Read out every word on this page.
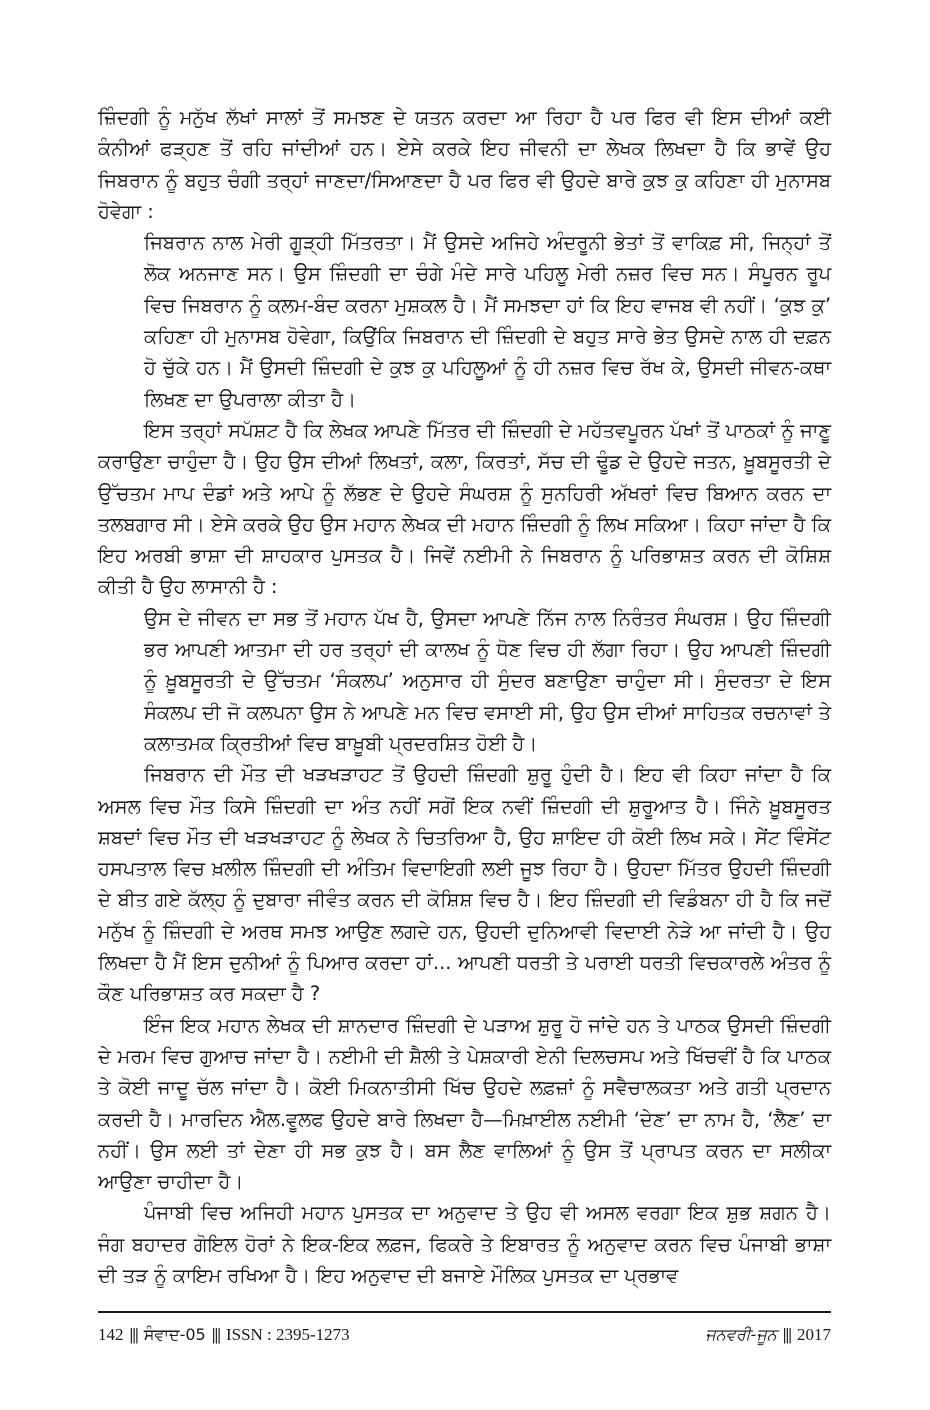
ਜ਼ਿੰਦਗੀ ਨੂੰ ਮਨੁੱਖ ਲੱਖਾਂ ਸਾਲਾਂ ਤੋਂ ਸਮਝਣ ਦੇ ਯਤਨ ਕਰਦਾ ਆ ਰਿਹਾ ਹੈ ਪਰ ਫਿਰ ਵੀ ਇਸ ਦੀਆਂ ਕਈ ਕੰਨੀਆਂ ਫੜ੍ਹਣ ਤੋਂ ਰਹਿ ਜਾਂਦੀਆਂ ਹਨ। ਏਸੇ ਕਰਕੇ ਇਹ ਜੀਵਨੀ ਦਾ ਲੇਖਕ ਲਿਖਦਾ ਹੈ ਕਿ ਭਾਵੇਂ ਉਹ ਜਿਬਰਾਨ ਨੂੰ ਬਹੁਤ ਚੰਗੀ ਤਰ੍ਹਾਂ ਜਾਣਦਾ/ਸਿਆਣਦਾ ਹੈ ਪਰ ਫਿਰ ਵੀ ਉਹਦੇ ਬਾਰੇ ਕੁਝ ਕੁ ਕਹਿਣਾ ਹੀ ਮੁਨਾਸਬ ਹੋਵੇਗਾ :

ਜਿਬਰਾਨ ਨਾਲ ਮੇਰੀ ਗੂੜ੍ਹੀ ਮਿੱਤਰਤਾ। ਮੈਂ ਉਸਦੇ ਅਜਿਹੇ ਅੰਦਰੂਨੀ ਭੇਤਾਂ ਤੋਂ ਵਾਕਿਫ਼ ਸੀ, ਜਿਨ੍ਹਾਂ ਤੋਂ ਲੋਕ ਅਨਜਾਣ ਸਨ। ਉਸ ਜ਼ਿੰਦਗੀ ਦਾ ਚੰਗੇ ਮੰਦੇ ਸਾਰੇ ਪਹਿਲੂ ਮੇਰੀ ਨਜ਼ਰ ਵਿਚ ਸਨ। ਸੰਪੂਰਨ ਰੂਪ ਵਿਚ ਜਿਬਰਾਨ ਨੂੰ ਕਲਮ-ਬੰਦ ਕਰਨਾ ਮੁਸ਼ਕਲ ਹੈ। ਮੈਂ ਸਮਝਦਾ ਹਾਂ ਕਿ ਇਹ ਵਾਜਬ ਵੀ ਨਹੀਂ। ‘ਕੁਝ ਕੁ’ ਕਹਿਣਾ ਹੀ ਮੁਨਾਸਬ ਹੋਵੇਗਾ, ਕਿਉਂਕਿ ਜਿਬਰਾਨ ਦੀ ਜ਼ਿੰਦਗੀ ਦੇ ਬਹੁਤ ਸਾਰੇ ਭੇਤ ਉਸਦੇ ਨਾਲ ਹੀ ਦਫ਼ਨ ਹੋ ਚੁੱਕੇ ਹਨ। ਮੈਂ ਉਸਦੀ ਜ਼ਿੰਦਗੀ ਦੇ ਕੁਝ ਕੁ ਪਹਿਲੂਆਂ ਨੂੰ ਹੀ ਨਜ਼ਰ ਵਿਚ ਰੱਖ ਕੇ, ਉਸਦੀ ਜੀਵਨ-ਕਥਾ ਲਿਖਣ ਦਾ ਉਪਰਾਲਾ ਕੀਤਾ ਹੈ।

ਇਸ ਤਰ੍ਹਾਂ ਸਪੱਸ਼ਟ ਹੈ ਕਿ ਲੇਖਕ ਆਪਣੇ ਮਿੱਤਰ ਦੀ ਜ਼ਿੰਦਗੀ ਦੇ ਮਹੱਤਵਪੂਰਨ ਪੱਖਾਂ ਤੋਂ ਪਾਠਕਾਂ ਨੂੰ ਜਾਣੂ ਕਰਾਉਣਾ ਚਾਹੁੰਦਾ ਹੈ। ਉਹ ਉਸ ਦੀਆਂ ਲਿਖਤਾਂ, ਕਲਾ, ਕਿਰਤਾਂ, ਸੱਚ ਦੀ ਢੂੰਡ ਦੇ ਉਹਦੇ ਜਤਨ, ਖ਼ੂਬਸੂਰਤੀ ਦੇ ਉੱਚਤਮ ਮਾਪ ਦੰਡਾਂ ਅਤੇ ਆਪੇ ਨੂੰ ਲੱਭਣ ਦੇ ਉਹਦੇ ਸੰਘਰਸ਼ ਨੂੰ ਸੁਨਹਿਰੀ ਅੱਖਰਾਂ ਵਿਚ ਬਿਆਨ ਕਰਨ ਦਾ ਤਲਬਗਾਰ ਸੀ। ਏਸੇ ਕਰਕੇ ਉਹ ਉਸ ਮਹਾਨ ਲੇਖਕ ਦੀ ਮਹਾਨ ਜ਼ਿੰਦਗੀ ਨੂੰ ਲਿਖ ਸਕਿਆ। ਕਿਹਾ ਜਾਂਦਾ ਹੈ ਕਿ ਇਹ ਅਰਬੀ ਭਾਸ਼ਾ ਦੀ ਸ਼ਾਹਕਾਰ ਪੁਸਤਕ ਹੈ। ਜਿਵੇਂ ਨਈਮੀ ਨੇ ਜਿਬਰਾਨ ਨੂੰ ਪਰਿਭਾਸ਼ਤ ਕਰਨ ਦੀ ਕੋਸ਼ਿਸ਼ ਕੀਤੀ ਹੈ ਉਹ ਲਾਸਾਨੀ ਹੈ :

ਉਸ ਦੇ ਜੀਵਨ ਦਾ ਸਭ ਤੋਂ ਮਹਾਨ ਪੱਖ ਹੈ, ਉਸਦਾ ਆਪਣੇ ਨਿੱਜ ਨਾਲ ਨਿਰੰਤਰ ਸੰਘਰਸ਼। ਉਹ ਜ਼ਿੰਦਗੀ ਭਰ ਆਪਣੀ ਆਤਮਾ ਦੀ ਹਰ ਤਰ੍ਹਾਂ ਦੀ ਕਾਲਖ ਨੂੰ ਧੋਣ ਵਿਚ ਹੀ ਲੱਗਾ ਰਿਹਾ। ਉਹ ਆਪਣੀ ਜ਼ਿੰਦਗੀ ਨੂੰ ਖ਼ੂਬਸੂਰਤੀ ਦੇ ਉੱਚਤਮ ‘ਸੰਕਲਪ’ ਅਨੁਸਾਰ ਹੀ ਸੁੰਦਰ ਬਣਾਉਣਾ ਚਾਹੁੰਦਾ ਸੀ। ਸੁੰਦਰਤਾ ਦੇ ਇਸ ਸੰਕਲਪ ਦੀ ਜੋ ਕਲਪਨਾ ਉਸ ਨੇ ਆਪਣੇ ਮਨ ਵਿਚ ਵਸਾਈ ਸੀ, ਉਹ ਉਸ ਦੀਆਂ ਸਾਹਿਤਕ ਰਚਨਾਵਾਂ ਤੇ ਕਲਾਤਮਕ ਕ੍ਰਿਤੀਆਂ ਵਿਚ ਬਾਖ਼ੂਬੀ ਪ੍ਰਦਰਸ਼ਿਤ ਹੋਈ ਹੈ।

ਜਿਬਰਾਨ ਦੀ ਮੌਤ ਦੀ ਖੜਖੜਾਹਟ ਤੋਂ ਉਹਦੀ ਜ਼ਿੰਦਗੀ ਸ਼ੁਰੂ ਹੁੰਦੀ ਹੈ। ਇਹ ਵੀ ਕਿਹਾ ਜਾਂਦਾ ਹੈ ਕਿ ਅਸਲ ਵਿਚ ਮੌਤ ਕਿਸੇ ਜ਼ਿੰਦਗੀ ਦਾ ਅੰਤ ਨਹੀਂ ਸਗੋਂ ਇਕ ਨਵੀਂ ਜ਼ਿੰਦਗੀ ਦੀ ਸ਼ੁਰੂਆਤ ਹੈ। ਜਿੰਨੇ ਖ਼ੂਬਸੂਰਤ ਸ਼ਬਦਾਂ ਵਿਚ ਮੌਤ ਦੀ ਖੜਖੜਾਹਟ ਨੂੰ ਲੇਖਕ ਨੇ ਚਿਤਰਿਆ ਹੈ, ਉਹ ਸ਼ਾਇਦ ਹੀ ਕੋਈ ਲਿਖ ਸਕੇ। ਸੇਂਟ ਵਿੰਸੇਂਟ ਹਸਪਤਾਲ ਵਿਚ ਖ਼ਲੀਲ ਜ਼ਿੰਦਗੀ ਦੀ ਅੰਤਿਮ ਵਿਦਾਇਗੀ ਲਈ ਜੂਝ ਰਿਹਾ ਹੈ। ਉਹਦਾ ਮਿੱਤਰ ਉਹਦੀ ਜ਼ਿੰਦਗੀ ਦੇ ਬੀਤ ਗਏ ਕੱਲ੍ਹ ਨੂੰ ਦੁਬਾਰਾ ਜੀਵੰਤ ਕਰਨ ਦੀ ਕੋਸ਼ਿਸ਼ ਵਿਚ ਹੈ। ਇਹ ਜ਼ਿੰਦਗੀ ਦੀ ਵਿਡੰਬਨਾ ਹੀ ਹੈ ਕਿ ਜਦੋਂ ਮਨੁੱਖ ਨੂੰ ਜ਼ਿੰਦਗੀ ਦੇ ਅਰਥ ਸਮਝ ਆਉਣ ਲਗਦੇ ਹਨ, ਉਹਦੀ ਦੁਨਿਆਵੀ ਵਿਦਾਈ ਨੇੜੇ ਆ ਜਾਂਦੀ ਹੈ। ਉਹ ਲਿਖਦਾ ਹੈ ਮੈਂ ਇਸ ਦੁਨੀਆਂ ਨੂੰ ਪਿਆਰ ਕਰਦਾ ਹਾਂ... ਆਪਣੀ ਧਰਤੀ ਤੇ ਪਰਾਈ ਧਰਤੀ ਵਿਚਕਾਰਲੇ ਅੰਤਰ ਨੂੰ ਕੌਣ ਪਰਿਭਾਸ਼ਤ ਕਰ ਸਕਦਾ ਹੈ ?

ਇੰਜ ਇਕ ਮਹਾਨ ਲੇਖਕ ਦੀ ਸ਼ਾਨਦਾਰ ਜ਼ਿੰਦਗੀ ਦੇ ਪੜਾਅ ਸ਼ੁਰੂ ਹੋ ਜਾਂਦੇ ਹਨ ਤੇ ਪਾਠਕ ਉਸਦੀ ਜ਼ਿੰਦਗੀ ਦੇ ਮਰਮ ਵਿਚ ਗੁਆਚ ਜਾਂਦਾ ਹੈ। ਨਈਮੀ ਦੀ ਸ਼ੈਲੀ ਤੇ ਪੇਸ਼ਕਾਰੀ ਏਨੀ ਦਿਲਚਸਪ ਅਤੇ ਖਿੱਚਵੀਂ ਹੈ ਕਿ ਪਾਠਕ ਤੇ ਕੋਈ ਜਾਦੂ ਚੱਲ ਜਾਂਦਾ ਹੈ। ਕੋਈ ਮਿਕਨਾਤੀਸੀ ਖਿੱਚ ਉਹਦੇ ਲਫ਼ਜ਼ਾਂ ਨੂੰ ਸਵੈਚਾਲਕਤਾ ਅਤੇ ਗਤੀ ਪ੍ਰਦਾਨ ਕਰਦੀ ਹੈ। ਮਾਰਦਿਨ ਐਲ.ਵੂਲਫ ਉਹਦੇ ਬਾਰੇ ਲਿਖਦਾ ਹੈ—ਮਿਖ਼ਾਈਲ ਨਈਮੀ ‘ਦੇਣ’ ਦਾ ਨਾਮ ਹੈ, ‘ਲੈਣ’ ਦਾ ਨਹੀਂ। ਉਸ ਲਈ ਤਾਂ ਦੇਣਾ ਹੀ ਸਭ ਕੁਝ ਹੈ। ਬਸ ਲੈਣ ਵਾਲਿਆਂ ਨੂੰ ਉਸ ਤੋਂ ਪ੍ਰਾਪਤ ਕਰਨ ਦਾ ਸਲੀਕਾ ਆਉਣਾ ਚਾਹੀਦਾ ਹੈ।

ਪੰਜਾਬੀ ਵਿਚ ਅਜਿਹੀ ਮਹਾਨ ਪੁਸਤਕ ਦਾ ਅਨੁਵਾਦ ਤੇ ਉਹ ਵੀ ਅਸਲ ਵਰਗਾ ਇਕ ਸ਼ੁਭ ਸ਼ਗਨ ਹੈ। ਜੰਗ ਬਹਾਦਰ ਗੋਇਲ ਹੋਰਾਂ ਨੇ ਇਕ-ਇਕ ਲਫ਼ਜ, ਫਿਕਰੇ ਤੇ ਇਬਾਰਤ ਨੂੰ ਅਨੁਵਾਦ ਕਰਨ ਵਿਚ ਪੰਜਾਬੀ ਭਾਸ਼ਾ ਦੀ ਤੜ ਨੂੰ ਕਾਇਮ ਰਖਿਆ ਹੈ। ਇਹ ਅਨੁਵਾਦ ਦੀ ਬਜਾਏ ਮੌਲਿਕ ਪੁਸਤਕ ਦਾ ਪ੍ਰਭਾਵ

142 ||| ਸੰਵਾਦ-05 ||| ISSN : 2395-1273	ਜਨਵਰੀ-ਜੂਨ ||| 2017
